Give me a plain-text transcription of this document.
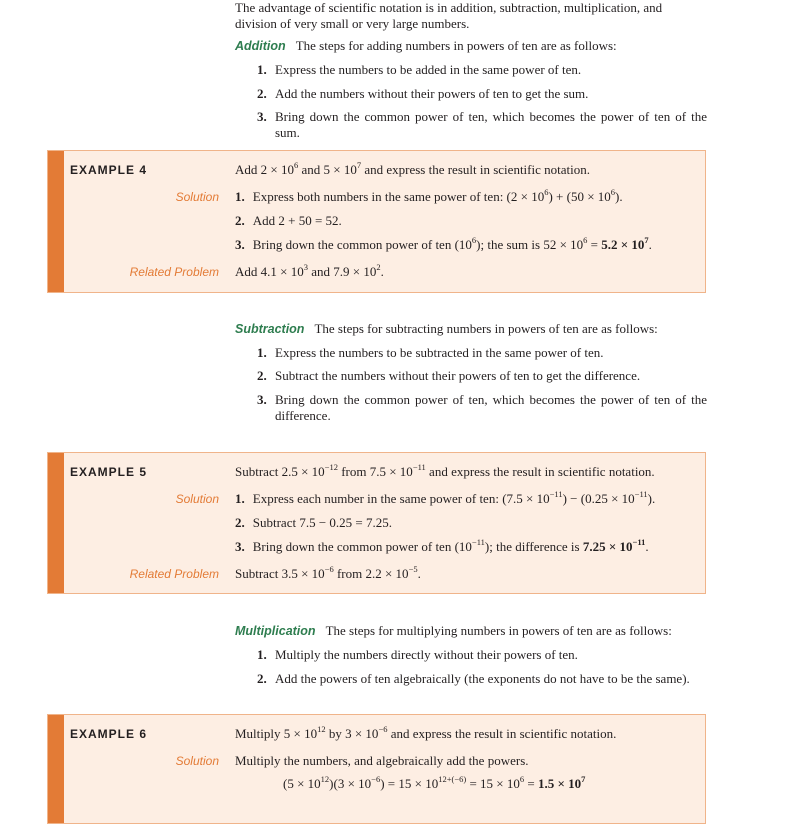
The advantage of scientific notation is in addition, subtraction, multiplication, and division of very small or very large numbers.
Addition The steps for adding numbers in powers of ten are as follows:
1. Express the numbers to be added in the same power of ten.
2. Add the numbers without their powers of ten to get the sum.
3. Bring down the common power of ten, which becomes the power of ten of the sum.
EXAMPLE 4	Add $2 \times 10^6$ and $5 \times 10^7$ and express the result in scientific notation.
Solution 1. Express both numbers in the same power of ten: $(2 \times 10^6) + (50 \times 10^6)$.
2. Add 2 + 50 = 52.
3. Bring down the common power of ten $(10^6)$; the sum is $52 \times 10^6 = 5.2 \times 10^7$.
Related Problem Add $4.1 \times 10^3$ and $7.9 \times 10^2$.
Subtraction The steps for subtracting numbers in powers of ten are as follows:
1. Express the numbers to be subtracted in the same power of ten.
2. Subtract the numbers without their powers of ten to get the difference.
3. Bring down the common power of ten, which becomes the power of ten of the difference.
EXAMPLE 5	Subtract $2.5 \times 10^{-12}$ from $7.5 \times 10^{-11}$ and express the result in scientific notation.
Solution 1. Express each number in the same power of ten: $(7.5 \times 10^{-11}) - (0.25 \times 10^{-11})$.
2. Subtract 7.5 − 0.25 = 7.25.
3. Bring down the common power of ten $(10^{-11})$; the difference is $7.25 \times 10^{-11}$.
Related Problem Subtract $3.5 \times 10^{-6}$ from $2.2 \times 10^{-5}$.
Multiplication The steps for multiplying numbers in powers of ten are as follows:
1. Multiply the numbers directly without their powers of ten.
2. Add the powers of ten algebraically (the exponents do not have to be the same).
EXAMPLE 6	Multiply $5 \times 10^{12}$ by $3 \times 10^{-6}$ and express the result in scientific notation.
Solution Multiply the numbers, and algebraically add the powers.
$(5 \times 10^{12})(3 \times 10^{-6}) = 15 \times 10^{12+(-6)} = 15 \times 10^6 = 1.5 \times 10^7$
